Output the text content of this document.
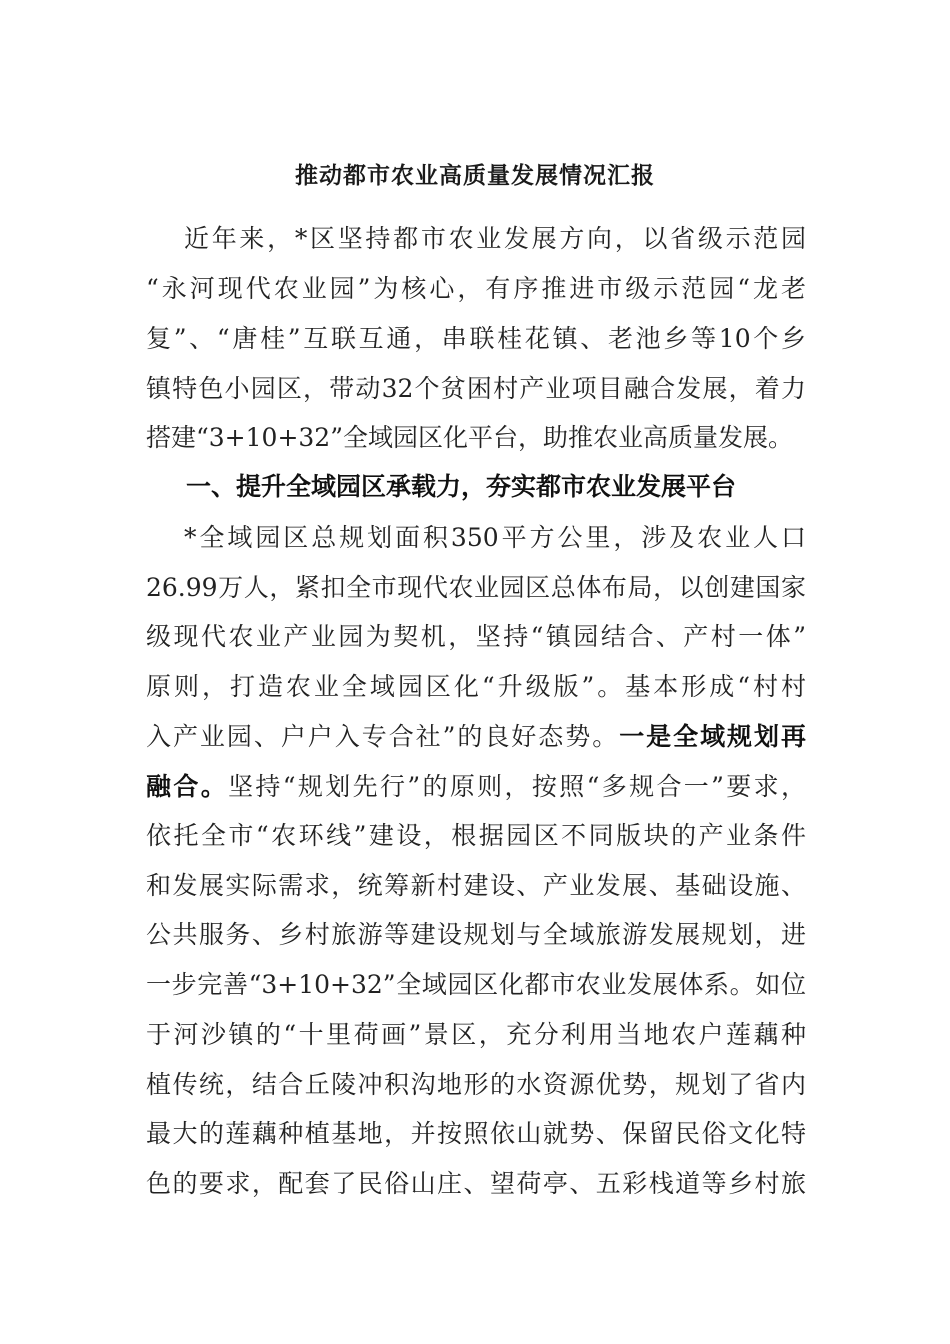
推动都市农业高质量发展情况汇报
近年来，*区坚持都市农业发展方向，以省级示范园
“永河现代农业园”为核心，有序推进市级示范园“龙老
复”、“唐桂”互联互通，串联桂花镇、老池乡等10个乡
镇特色小园区，带动32个贫困村产业项目融合发展，着力
搭建“3+10+32”全域园区化平台，助推农业高质量发展。
一、提升全域园区承载力，夯实都市农业发展平台
*全域园区总规划面积350平方公里，涉及农业人口
26.99万人，紧扣全市现代农业园区总体布局，以创建国家
级现代农业产业园为契机，坚持“镇园结合、产村一体”
原则，打造农业全域园区化“升级版”。基本形成“村村
入产业园、户户入专合社”的良好态势。一是全域规划再
融合。坚持“规划先行”的原则，按照“多规合一”要求，
依托全市“农环线”建设，根据园区不同版块的产业条件
和发展实际需求，统筹新村建设、产业发展、基础设施、
公共服务、乡村旅游等建设规划与全域旅游发展规划，进
一步完善“3+10+32”全域园区化都市农业发展体系。如位
于河沙镇的“十里荷画”景区，充分利用当地农户莲藕种
植传统，结合丘陵冲积沟地形的水资源优势，规划了省内
最大的莲藕种植基地，并按照依山就势、保留民俗文化特
色的要求，配套了民俗山庄、望荷亭、五彩栈道等乡村旅
